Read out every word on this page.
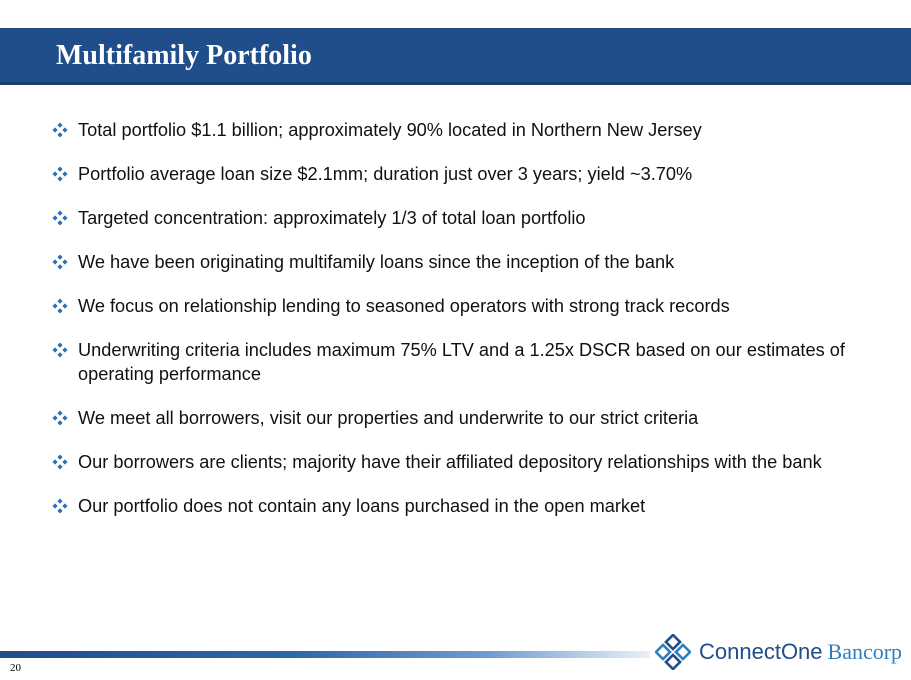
Multifamily Portfolio
Total portfolio $1.1 billion; approximately 90% located in Northern New Jersey
Portfolio average loan size $2.1mm; duration just over 3 years; yield ~3.70%
Targeted concentration: approximately 1/3 of total loan portfolio
We have been originating multifamily loans since the inception of the bank
We focus on relationship lending to seasoned operators with strong track records
Underwriting criteria includes maximum 75% LTV and a 1.25x DSCR based on our estimates of operating performance
We meet all borrowers, visit our properties and underwrite to our strict criteria
Our borrowers are clients; majority have their affiliated depository relationships with the bank
Our portfolio does not contain any loans purchased in the open market
20
ConnectOne Bancorp
